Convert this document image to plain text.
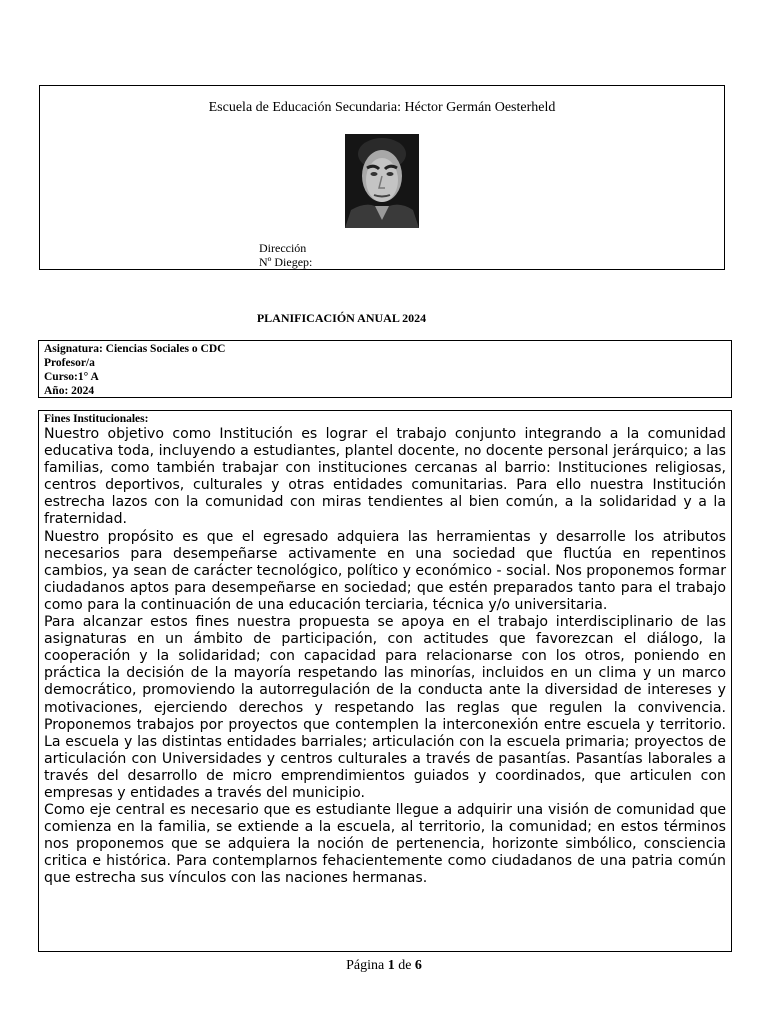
Escuela de Educación Secundaria: Héctor Germán Oesterheld
Dirección
Nº Diegep:
PLANIFICACIÓN ANUAL 2024
Asignatura: Ciencias Sociales o CDC
Profesor/a
Curso:1° A
Año: 2024
Fines Institucionales:

Nuestro objetivo como Institución es lograr el trabajo conjunto integrando a la comunidad educativa toda, incluyendo a estudiantes, plantel docente, no docente personal jerárquico; a las familias, como también trabajar con instituciones cercanas al barrio: Instituciones religiosas, centros deportivos, culturales y otras entidades comunitarias. Para ello nuestra Institución estrecha lazos con la comunidad con miras tendientes al bien común, a la solidaridad y a la fraternidad.

Nuestro propósito es que el egresado adquiera las herramientas y desarrolle los atributos necesarios para desempeñarse activamente en una sociedad que fluctúa en repentinos cambios, ya sean de carácter tecnológico, político y económico - social. Nos proponemos formar ciudadanos aptos para desempeñarse en sociedad; que estén preparados tanto para el trabajo como para la continuación de una educación terciaria, técnica y/o universitaria.

Para alcanzar estos fines nuestra propuesta se apoya en el trabajo interdisciplinario de las asignaturas en un ámbito de participación, con actitudes que favorezcan el diálogo, la cooperación y la solidaridad; con capacidad para relacionarse con los otros, poniendo en práctica la decisión de la mayoría respetando las minorías, incluidos en un clima y un marco democrático, promoviendo la autorregulación de la conducta ante la diversidad de intereses y motivaciones, ejerciendo derechos y respetando las reglas que regulen la convivencia. Proponemos trabajos por proyectos que contemplen la interconexión entre escuela y territorio. La escuela y las distintas entidades barriales; articulación con la escuela primaria; proyectos de articulación con Universidades y centros culturales a través de pasantías. Pasantías laborales a través del desarrollo de micro emprendimientos guiados y coordinados, que articulen con empresas y entidades a través del municipio.

Como eje central es necesario que es estudiante llegue a adquirir una visión de comunidad que comienza en la familia, se extiende a la escuela, al territorio, la comunidad; en estos términos nos proponemos que se adquiera la noción de pertenencia, horizonte simbólico, consciencia critica e histórica. Para contemplarnos fehacientemente como ciudadanos de una patria común que estrecha sus vínculos con las naciones hermanas.

Página 1 de 6
